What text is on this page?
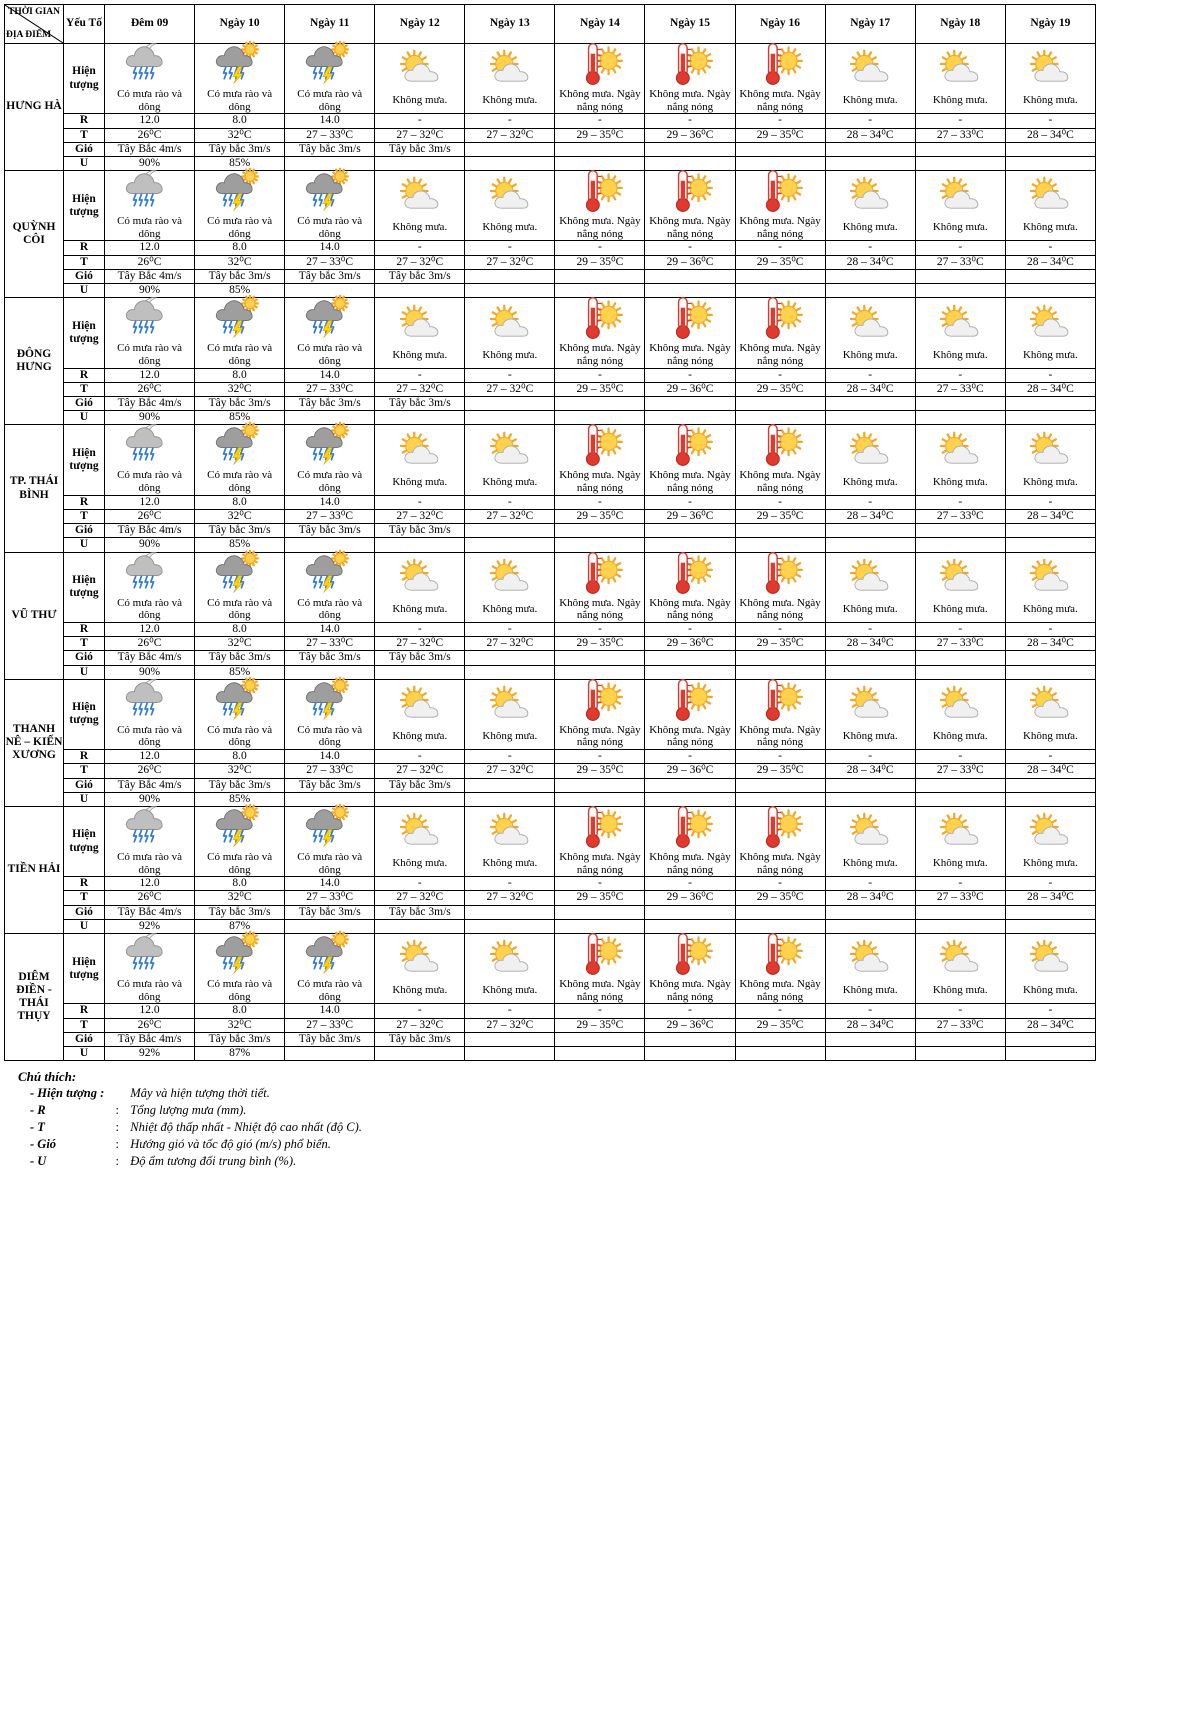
THỜI GIAN
ĐỊA ĐIỂM	Yếu Tố	Đêm 09	Ngày 10	Ngày 11	Ngày 12	Ngày 13	Ngày 14	Ngày 15	Ngày 16	Ngày 17	Ngày 18	Ngày 19
HƯNG HÀ	Hiện tượng	Có mưa rào và dông	Có mưa rào và dông	Có mưa rào và dông	Không mưa.	Không mưa.	Không mưa. Ngày nắng nóng	Không mưa. Ngày nắng nóng	Không mưa. Ngày nắng nóng	Không mưa.	Không mưa.	Không mưa.

	R	12.0	8.0	14.0	-	-	-	-	-	-	-	-
	T	26⁰C	32⁰C	27 – 33⁰C	27 – 32⁰C	27 – 32⁰C	29 – 35⁰C	29 – 36⁰C	29 – 35⁰C	28 – 34⁰C	27 – 33⁰C	28 – 34⁰C
	Gió	Tây Bắc 4m/s	Tây bắc 3m/s	Tây bắc 3m/s	Tây bắc 3m/s							
	U	90%	85%									
QUỲNH CÔI	Hiện tượng	Có mưa rào và dông	Có mưa rào và dông	Có mưa rào và dông	Không mưa.	Không mưa.	Không mưa. Ngày nắng nóng	Không mưa. Ngày nắng nóng	Không mưa. Ngày nắng nóng	Không mưa.	Không mưa.	Không mưa.

	R	12.0	8.0	14.0	-	-	-	-	-	-	-	-
	T	26⁰C	32⁰C	27 – 33⁰C	27 – 32⁰C	27 – 32⁰C	29 – 35⁰C	29 – 36⁰C	29 – 35⁰C	28 – 34⁰C	27 – 33⁰C	28 – 34⁰C
	Gió	Tây Bắc 4m/s	Tây bắc 3m/s	Tây bắc 3m/s	Tây bắc 3m/s							
	U	90%	85%									
ĐÔNG HƯNG	Hiện tượng	Có mưa rào và dông	Có mưa rào và dông	Có mưa rào và dông	Không mưa.	Không mưa.	Không mưa. Ngày nắng nóng	Không mưa. Ngày nắng nóng	Không mưa. Ngày nắng nóng	Không mưa.	Không mưa.	Không mưa.

	R	12.0	8.0	14.0	-	-	-	-	-	-	-	-
	T	26⁰C	32⁰C	27 – 33⁰C	27 – 32⁰C	27 – 32⁰C	29 – 35⁰C	29 – 36⁰C	29 – 35⁰C	28 – 34⁰C	27 – 33⁰C	28 – 34⁰C
	Gió	Tây Bắc 4m/s	Tây bắc 3m/s	Tây bắc 3m/s	Tây bắc 3m/s							
	U	90%	85%									
TP. THÁI BÌNH	Hiện tượng	Có mưa rào và dông	Có mưa rào và dông	Có mưa rào và dông	Không mưa.	Không mưa.	Không mưa. Ngày nắng nóng	Không mưa. Ngày nắng nóng	Không mưa. Ngày nắng nóng	Không mưa.	Không mưa.	Không mưa.

	R	12.0	8.0	14.0	-	-	-	-	-	-	-	-
	T	26⁰C	32⁰C	27 – 33⁰C	27 – 32⁰C	27 – 32⁰C	29 – 35⁰C	29 – 36⁰C	29 – 35⁰C	28 – 34⁰C	27 – 33⁰C	28 – 34⁰C
	Gió	Tây Bắc 4m/s	Tây bắc 3m/s	Tây bắc 3m/s	Tây bắc 3m/s							
	U	90%	85%									
VŨ THƯ	Hiện tượng	Có mưa rào và dông	Có mưa rào và dông	Có mưa rào và dông	Không mưa.	Không mưa.	Không mưa. Ngày nắng nóng	Không mưa. Ngày nắng nóng	Không mưa. Ngày nắng nóng	Không mưa.	Không mưa.	Không mưa.

	R	12.0	8.0	14.0	-	-	-	-	-	-	-	-
	T	26⁰C	32⁰C	27 – 33⁰C	27 – 32⁰C	27 – 32⁰C	29 – 35⁰C	29 – 36⁰C	29 – 35⁰C	28 – 34⁰C	27 – 33⁰C	28 – 34⁰C
	Gió	Tây Bắc 4m/s	Tây bắc 3m/s	Tây bắc 3m/s	Tây bắc 3m/s							
	U	90%	85%									
THANH NÊ – KIẾN XƯƠNG	Hiện tượng	Có mưa rào và dông	Có mưa rào và dông	Có mưa rào và dông	Không mưa.	Không mưa.	Không mưa. Ngày nắng nóng	Không mưa. Ngày nắng nóng	Không mưa. Ngày nắng nóng	Không mưa.	Không mưa.	Không mưa.

	R	12.0	8.0	14.0	-	-	-	-	-	-	-	-
	T	26⁰C	32⁰C	27 – 33⁰C	27 – 32⁰C	27 – 32⁰C	29 – 35⁰C	29 – 36⁰C	29 – 35⁰C	28 – 34⁰C	27 – 33⁰C	28 – 34⁰C
	Gió	Tây Bắc 4m/s	Tây bắc 3m/s	Tây bắc 3m/s	Tây bắc 3m/s							
	U	90%	85%									
TIỀN HẢI	Hiện tượng	Có mưa rào và dông	Có mưa rào và dông	Có mưa rào và dông	Không mưa.	Không mưa.	Không mưa. Ngày nắng nóng	Không mưa. Ngày nắng nóng	Không mưa. Ngày nắng nóng	Không mưa.	Không mưa.	Không mưa.

	R	12.0	8.0	14.0	-	-	-	-	-	-	-	-
	T	26⁰C	32⁰C	27 – 33⁰C	27 – 32⁰C	27 – 32⁰C	29 – 35⁰C	29 – 36⁰C	29 – 35⁰C	28 – 34⁰C	27 – 33⁰C	28 – 34⁰C
	Gió	Tây Bắc 4m/s	Tây bắc 3m/s	Tây bắc 3m/s	Tây bắc 3m/s							
	U	92%	87%									
DIÊM ĐIỀN - THÁI THỤY	Hiện tượng	Có mưa rào và dông	Có mưa rào và dông	Có mưa rào và dông	Không mưa.	Không mưa.	Không mưa. Ngày nắng nóng	Không mưa. Ngày nắng nóng	Không mưa. Ngày nắng nóng	Không mưa.	Không mưa.	Không mưa.

	R	12.0	8.0	14.0	-	-	-	-	-	-	-	-
	T	26⁰C	32⁰C	27 – 33⁰C	27 – 32⁰C	27 – 32⁰C	29 – 35⁰C	29 – 36⁰C	29 – 35⁰C	28 – 34⁰C	27 – 33⁰C	28 – 34⁰C
	Gió	Tây Bắc 4m/s	Tây bắc 3m/s	Tây bắc 3m/s	Tây bắc 3m/s							
	U	92%	87%									
Chú thích:
- Hiện tượng :		Mây và hiện tượng thời tiết.
- R	:	Tổng lượng mưa (mm).
- T	:	Nhiệt độ thấp nhất - Nhiệt độ cao nhất (độ C).
- Gió	:	Hướng gió và tốc độ gió (m/s) phổ biến.
- U	:	Độ ẩm tương đối trung bình (%).
